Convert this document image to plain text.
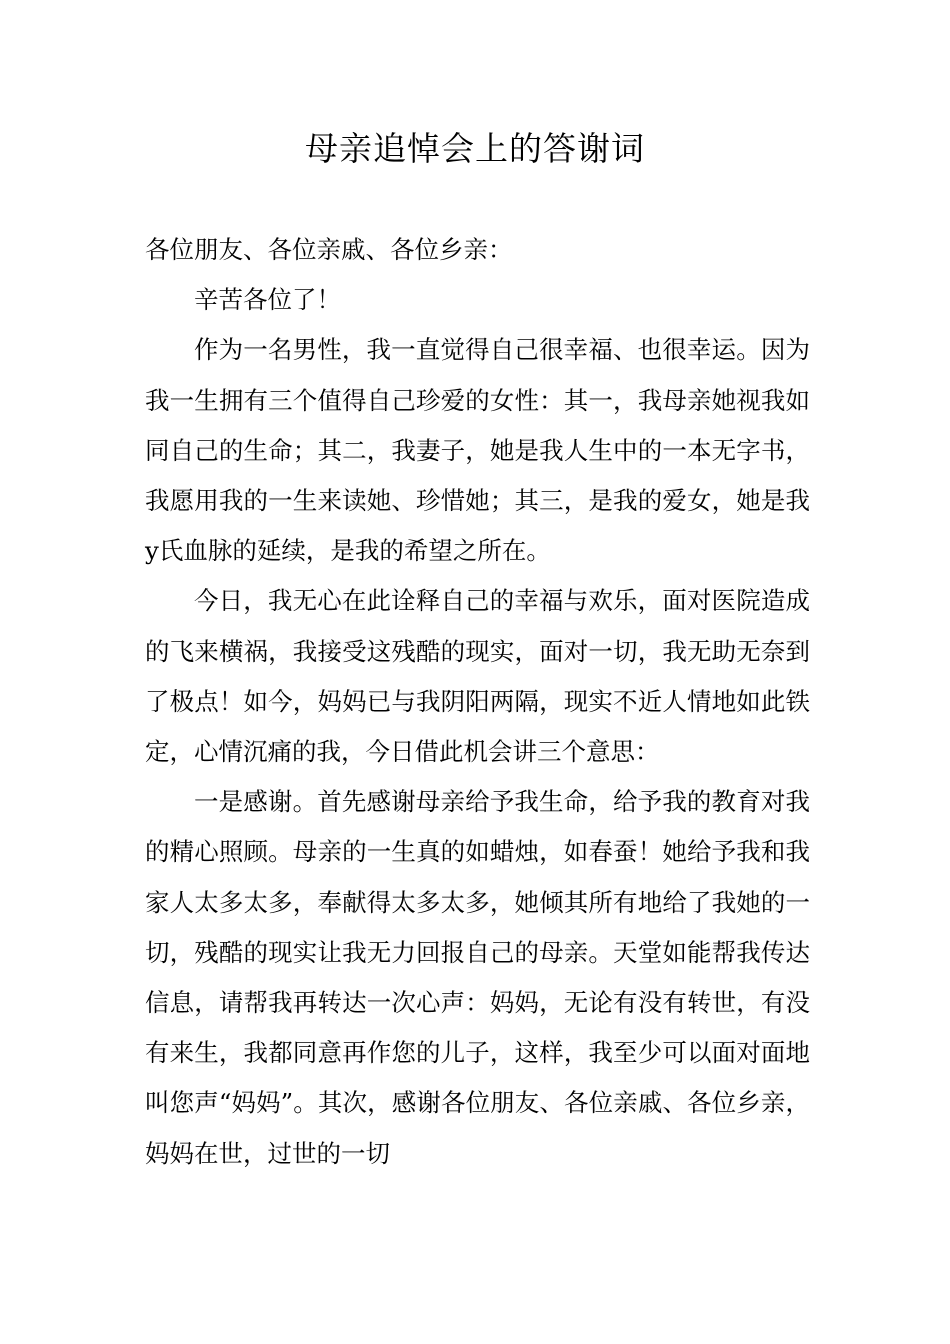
母亲追悼会上的答谢词

各位朋友、各位亲戚、各位乡亲：

辛苦各位了！

作为一名男性，我一直觉得自己很幸福、也很幸运。因为我一生拥有三个值得自己珍爱的女性：其一，我母亲她视我如同自己的生命；其二，我妻子，她是我人生中的一本无字书，我愿用我的一生来读她、珍惜她；其三，是我的爱女，她是我y氏血脉的延续，是我的希望之所在。

今日，我无心在此诠释自己的幸福与欢乐，面对医院造成的飞来横祸，我接受这残酷的现实，面对一切，我无助无奈到了极点！如今，妈妈已与我阴阳两隔，现实不近人情地如此铁定，心情沉痛的我，今日借此机会讲三个意思：

一是感谢。首先感谢母亲给予我生命，给予我的教育对我的精心照顾。母亲的一生真的如蜡烛，如春蚕！她给予我和我家人太多太多，奉献得太多太多，她倾其所有地给了我她的一切，残酷的现实让我无力回报自己的母亲。天堂如能帮我传达信息，请帮我再转达一次心声：妈妈，无论有没有转世，有没有来生，我都同意再作您的儿子，这样，我至少可以面对面地叫您声“妈妈”。其次，感谢各位朋友、各位亲戚、各位乡亲，妈妈在世，过世的一切
